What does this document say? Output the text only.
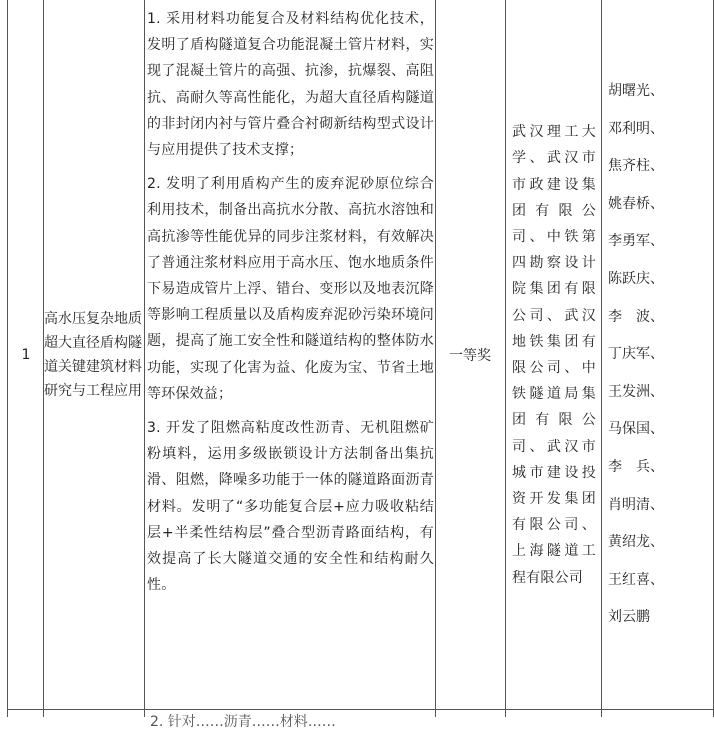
1
高水压复杂地质超大直径盾构隧道关键建筑材料研究与工程应用

1. 采用材料功能复合及材料结构优化技术，发明了盾构隧道复合功能混凝土管片材料，实现了混凝土管片的高强、抗渗，抗爆裂、高阻抗、高耐久等高性能化，为超大直径盾构隧道的非封闭内衬与管片叠合衬砌新结构型式设计与应用提供了技术支撑；

2. 发明了利用盾构产生的废弃泥砂原位综合利用技术，制备出高抗水分散、高抗水溶蚀和高抗渗等性能优异的同步注浆材料，有效解决了普通注浆材料应用于高水压、饱水地质条件下易造成管片上浮、错台、变形以及地表沉降等影响工程质量以及盾构废弃泥砂污染环境问题，提高了施工安全性和隧道结构的整体防水功能，实现了化害为益、化废为宝、节省土地等环保效益；

3. 开发了阻燃高粘度改性沥青、无机阻燃矿粉填料，运用多级嵌锁设计方法制备出集抗滑、阻燃，降噪多功能于一体的隧道路面沥青材料。发明了“多功能复合层+应力吸收粘结层+半柔性结构层”叠合型沥青路面结构，有效提高了长大隧道交通的安全性和结构耐久性。

一等奖
武汉理工大学、武汉市市政建设集团有限公司、中铁第四勘察设计院集团有限公司、武汉地铁集团有限公司、中铁隧道局集团有限公司、武汉市城市建设投资开发集团有限公司、上海隧道工程有限公司
胡曙光、
邓利明、
焦齐柱、
姚春桥、
李勇军、
陈跃庆、
李　波、
丁庆军、
王发洲、
马保国、
李　兵、
肖明清、
黄绍龙、
王红喜、
刘云鹏
2. 针对……沥青……材料……
